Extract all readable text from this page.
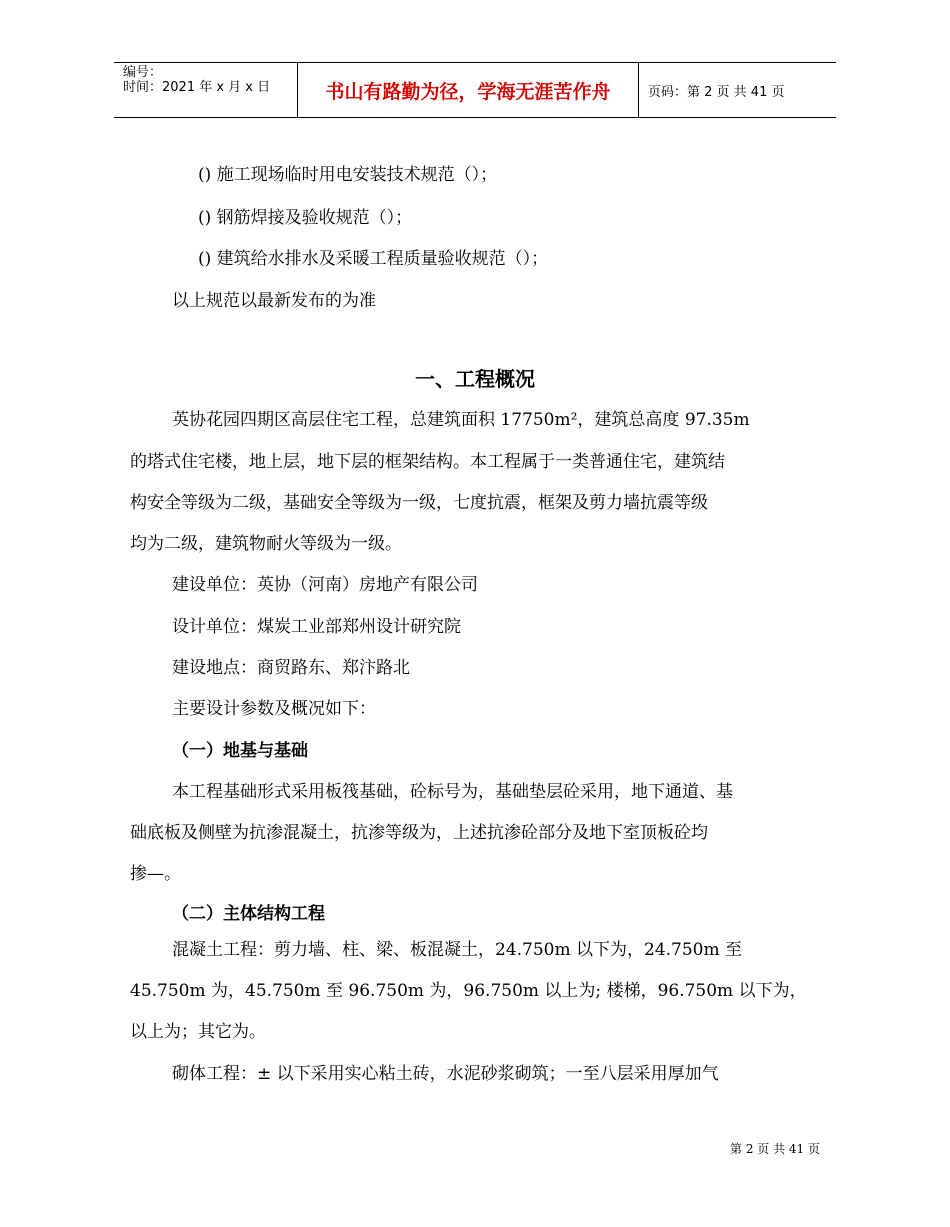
编号：
时间：2021 年 x 月 x 日	书山有路勤为径，学海无涯苦作舟	页码：第 2 页 共 41 页
() 施工现场临时用电安装技术规范（）；
() 钢筋焊接及验收规范（）；
() 建筑给水排水及采暖工程质量验收规范（）；
以上规范以最新发布的为准
一、工程概况
英协花园四期区高层住宅工程，总建筑面积 17750m²，建筑总高度 97.35m
的塔式住宅楼，地上层，地下层的框架结构。本工程属于一类普通住宅，建筑结
构安全等级为二级，基础安全等级为一级，七度抗震，框架及剪力墙抗震等级
均为二级，建筑物耐火等级为一级。
建设单位：英协（河南）房地产有限公司
设计单位：煤炭工业部郑州设计研究院
建设地点：商贸路东、郑汴路北
主要设计参数及概况如下：
（一）地基与基础
本工程基础形式采用板筏基础，砼标号为，基础垫层砼采用，地下通道、基
础底板及侧壁为抗渗混凝土，抗渗等级为，上述抗渗砼部分及地下室顶板砼均
掺—。
（二）主体结构工程
混凝土工程：剪力墙、柱、梁、板混凝土，24.750m 以下为，24.750m 至
45.750m 为，45.750m 至 96.750m 为，96.750m 以上为; 楼梯，96.750m 以下为，
以上为；其它为。
砌体工程：± 以下采用实心粘土砖，水泥砂浆砌筑；一至八层采用厚加气
第 2 页 共 41 页
